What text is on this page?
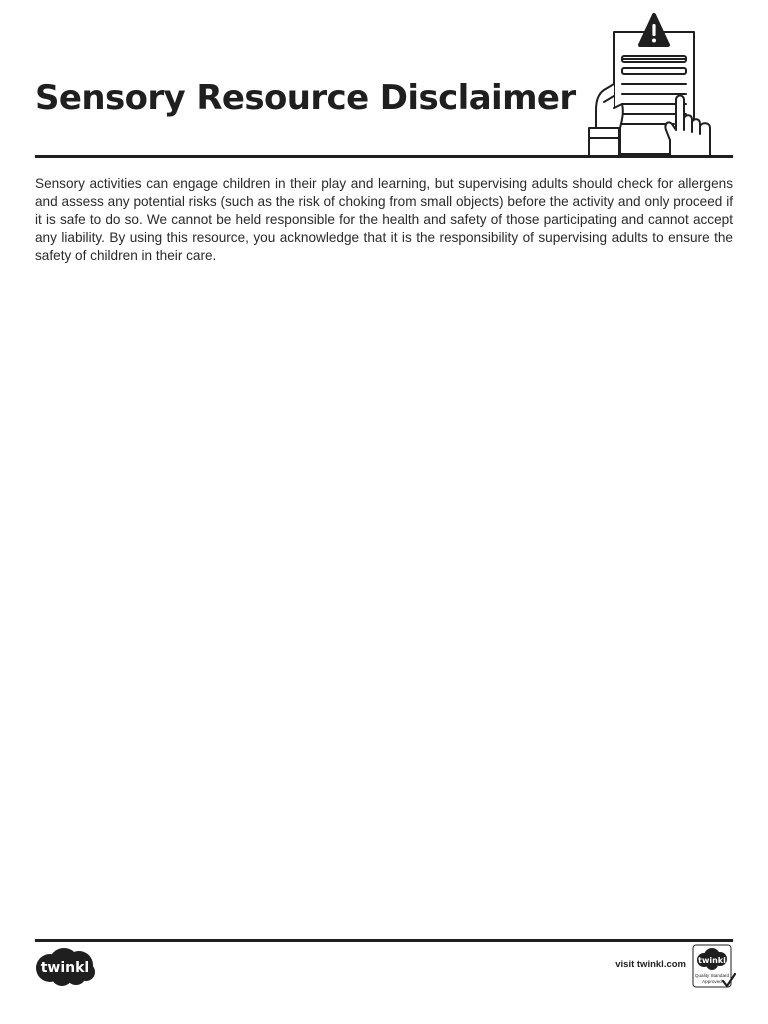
Sensory Resource Disclaimer

Sensory activities can engage children in their play and learning, but supervising adults should check for allergens and assess any potential risks (such as the risk of choking from small objects) before the activity and only proceed if it is safe to do so. We cannot be held responsible for the health and safety of those participating and cannot accept any liability. By using this resource, you acknowledge that it is the responsibility of supervising adults to ensure the safety of children in their care.

twinkl	visit twinkl.com twinkl
Quality Standard
Approved
